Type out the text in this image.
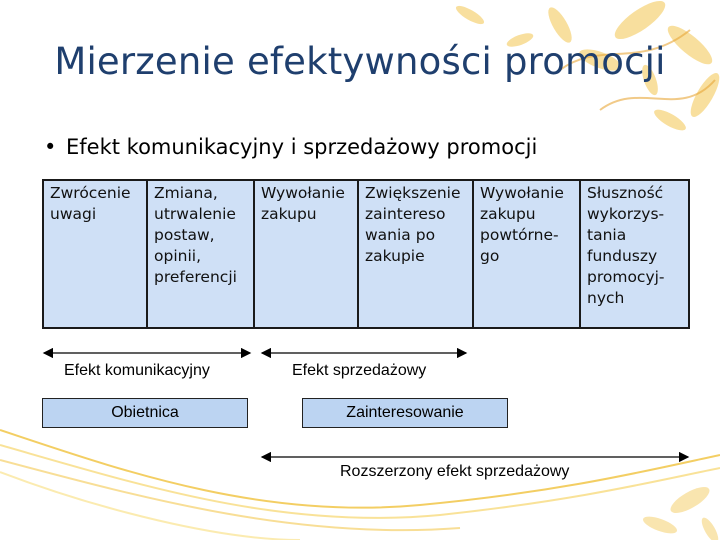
Mierzenie efektywności promocji
• Efekt komunikacyjny i sprzedażowy promocji
Zwrócenie
uwagi	Zmiana,
utrwalenie
postaw,
opinii,
preferencji	Wywołanie
zakupu	Zwiększenie
zaintereso
wania po
zakupie	Wywołanie
zakupu
powtórne-
go	Słuszność
wykorzys-
tania
funduszy
promocyj-
nych
Efekt komunikacyjny	Efekt sprzedażowy
Obietnica	Zainteresowanie
Rozszerzony efekt sprzedażowy
